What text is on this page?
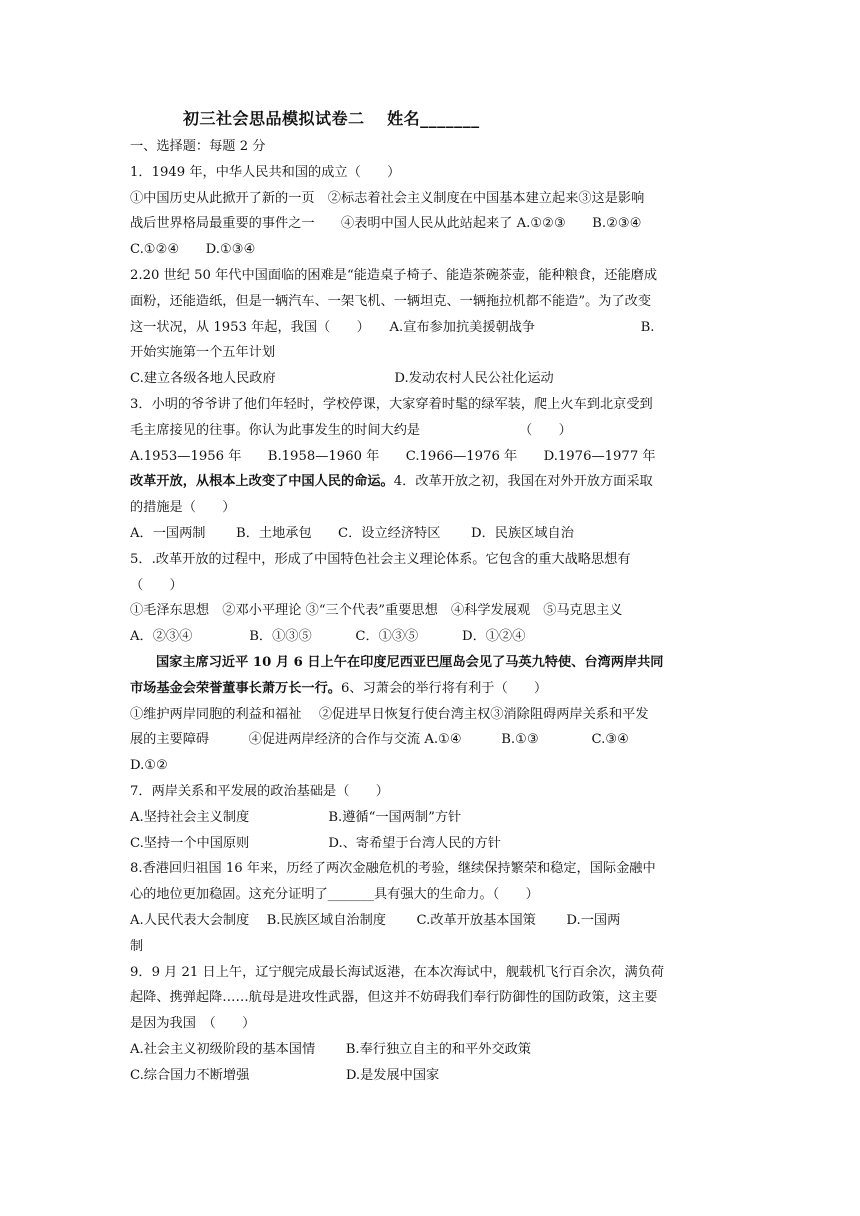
初三社会思品模拟试卷二　 姓名_______

一、选择题：每题 2 分

1．1949 年，中华人民共和国的成立（　　）

①中国历史从此掀开了新的一页　②标志着社会主义制度在中国基本建立起来③这是影响

战后世界格局最重要的事件之一　　④表明中国人民从此站起来了 A.①②③　　B.②③④

C.①②④　　D.①③④

2.20 世纪 50 年代中国面临的困难是“能造桌子椅子、能造茶碗茶壶，能种粮食，还能磨成

面粉，还能造纸，但是一辆汽车、一架飞机、一辆坦克、一辆拖拉机都不能造”。为了改变

这一状况，从 1953 年起，我国（　　）　　A.宣布参加抗美援朝战争　　　　　　　　B.

开始实施第一个五年计划

C.建立各级各地人民政府　　　　　　　　　D.发动农村人民公社化运动

3．小明的爷爷讲了他们年轻时，学校停课，大家穿着时髦的绿军装，爬上火车到北京受到

毛主席接见的往事。你认为此事发生的时间大约是　　　　　　　　（　　）

A.1953—1956 年　　B.1958—1960 年　　C.1966—1976 年　　D.1976—1977 年

改革开放，从根本上改变了中国人民的命运。4．改革开放之初，我国在对外开放方面采取

的措施是（　　）

A．一国两制　　 B．土地承包　　C．设立经济特区　　 D．民族区域自治

5．.改革开放的过程中，形成了中国特色社会主义理论体系。它包含的重大战略思想有

（　　）

①毛泽东思想　②邓小平理论 ③“三个代表”重要思想　④科学发展观　⑤马克思主义

A．②③④　　　　 B．①③⑤　　　 C．①③⑤　　　 D．①②④

国家主席习近平 10 月 6 日上午在印度尼西亚巴厘岛会见了马英九特使、台湾两岸共同

市场基金会荣誉董事长萧万长一行。6、习萧会的举行将有利于（　　）

①维护两岸同胞的利益和福祉　 ②促进早日恢复行使台湾主权③消除阻碍两岸关系和平发

展的主要障碍　　　④促进两岸经济的合作与交流 A.①④　　　B.①③　　　　C.③④

D.①②

7．两岸关系和平发展的政治基础是（　　）

A.坚持社会主义制度　　　　　　B.遵循“一国两制”方针

C.坚持一个中国原则　　　　　　D.、寄希望于台湾人民的方针

8.香港回归祖国 16 年来，历经了两次金融危机的考验，继续保持繁荣和稳定，国际金融中

心的地位更加稳固。这充分证明了_______具有强大的生命力。（　　）

A.人民代表大会制度　 B.民族区域自治制度　　 C.改革开放基本国策　　 D.一国两

制

9．9 月 21 日上午，辽宁舰完成最长海试返港，在本次海试中，舰载机飞行百余次，满负荷

起降、携弹起降……航母是进攻性武器，但这并不妨碍我们奉行防御性的国防政策，这主要

是因为我国　（　　）

A.社会主义初级阶段的基本国情　　 B.奉行独立自主的和平外交政策

C.综合国力不断增强　　　　　　　 D.是发展中国家
